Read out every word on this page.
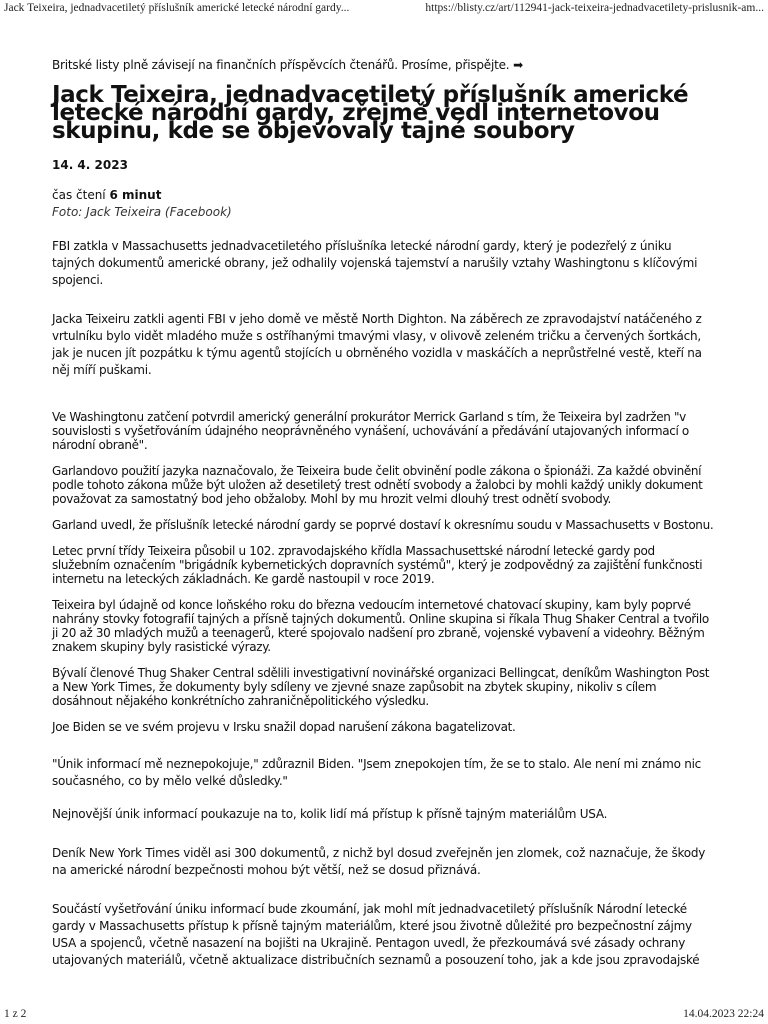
Jack Teixeira, jednadvacetiletý příslušník americké letecké národní gardy...	https://blisty.cz/art/112941-jack-teixeira-jednadvacetilety-prislusnik-am...

Britské listy plně závisejí na finančních příspěvcích čtenářů. Prosíme, přispějte. ➡

Jack Teixeira, jednadvacetiletý příslušník americké letecké národní gardy, zřejmě vedl internetovou skupinu, kde se objevovaly tajné soubory

14. 4. 2023

čas čtení 6 minut

Foto: Jack Teixeira (Facebook)

FBI zatkla v Massachusetts jednadvacetiletého příslušníka letecké národní gardy, který je podezřelý z úniku tajných dokumentů americké obrany, jež odhalily vojenská tajemství a narušily vztahy Washingtonu s klíčovými spojenci.

Jacka Teixeiru zatkli agenti FBI v jeho domě ve městě North Dighton. Na záběrech ze zpravodajství natáčeného z vrtulníku bylo vidět mladého muže s ostříhanými tmavými vlasy, v olivově zeleném tričku a červených šortkách, jak je nucen jít pozpátku k týmu agentů stojících u obrněného vozidla v maskáčích a neprůstřelné vestě, kteří na něj míří puškami.

Ve Washingtonu zatčení potvrdil americký generální prokurátor Merrick Garland s tím, že Teixeira byl zadržen "v souvislosti s vyšetřováním údajného neoprávněného vynášení, uchovávání a předávání utajovaných informací o národní obraně".

Garlandovo použití jazyka naznačovalo, že Teixeira bude čelit obvinění podle zákona o špionáži. Za každé obvinění podle tohoto zákona může být uložen až desetiletý trest odnětí svobody a žalobci by mohli každý unikly dokument považovat za samostatný bod jeho obžaloby. Mohl by mu hrozit velmi dlouhý trest odnětí svobody.

Garland uvedl, že příslušník letecké národní gardy se poprvé dostaví k okresnímu soudu v Massachusetts v Bostonu.

Letec první třídy Teixeira působil u 102. zpravodajského křídla Massachusettské národní letecké gardy pod služebním označením "brigádník kybernetických dopravních systémů", který je zodpovědný za zajištění funkčnosti internetu na leteckých základnách. Ke gardě nastoupil v roce 2019.

Teixeira byl údajně od konce loňského roku do března vedoucím internetové chatovací skupiny, kam byly poprvé nahrány stovky fotografií tajných a přísně tajných dokumentů. Online skupina si říkala Thug Shaker Central a tvořilo ji 20 až 30 mladých mužů a teenagerů, které spojovalo nadšení pro zbraně, vojenské vybavení a videohry. Běžným znakem skupiny byly rasistické výrazy.

Bývalí členové Thug Shaker Central sdělili investigativní novinářské organizaci Bellingcat, deníkům Washington Post a New York Times, že dokumenty byly sdíleny ve zjevné snaze zapůsobit na zbytek skupiny, nikoliv s cílem dosáhnout nějakého konkrétnícho zahraničněpolitického výsledku.

Joe Biden se ve svém projevu v Irsku snažil dopad narušení zákona bagatelizovat.

"Únik informací mě neznepokojuje," zdůraznil Biden. "Jsem znepokojen tím, že se to stalo. Ale není mi známo nic současného, co by mělo velké důsledky."

Nejnovější únik informací poukazuje na to, kolik lidí má přístup k přísně tajným materiálům USA.

Deník New York Times viděl asi 300 dokumentů, z nichž byl dosud zveřejněn jen zlomek, což naznačuje, že škody na americké národní bezpečnosti mohou být větší, než se dosud přiznává.

Součástí vyšetřování úniku informací bude zkoumání, jak mohl mít jednadvacetiletý příslušník Národní letecké gardy v Massachusetts přístup k přísně tajným materiálům, které jsou životně důležité pro bezpečnostní zájmy USA a spojenců, včetně nasazení na bojišti na Ukrajině. Pentagon uvedl, že přezkoumává své zásady ochrany utajovaných materiálů, včetně aktualizace distribučních seznamů a posouzení toho, jak a kde jsou zpravodajské

1 z 2	14.04.2023 22:24
